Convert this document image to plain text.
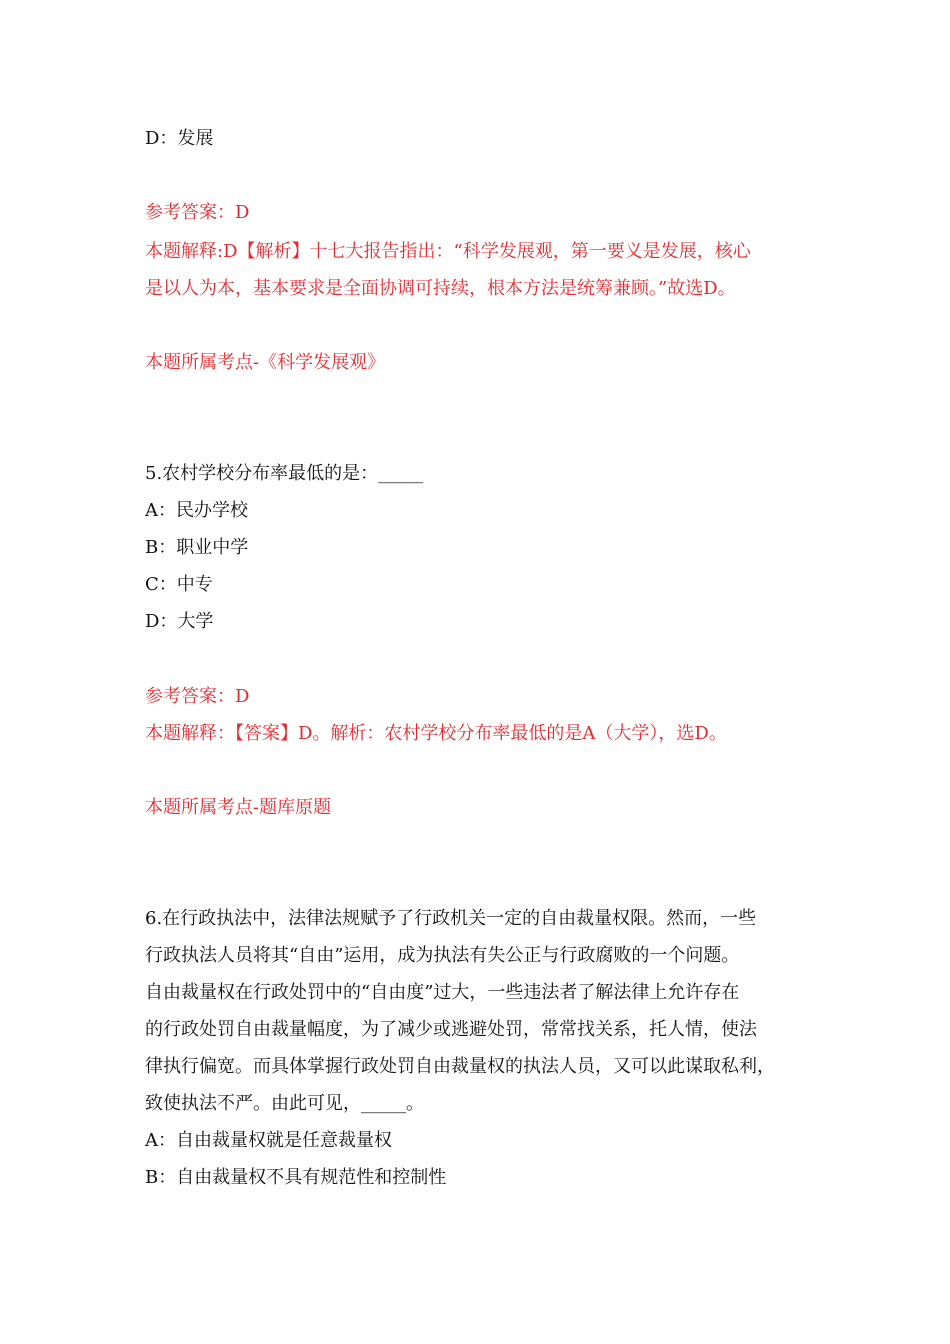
D：发展
参考答案：D
本题解释:D【解析】十七大报告指出：“科学发展观，第一要义是发展，核心
是以人为本，基本要求是全面协调可持续，根本方法是统筹兼顾。”故选D。
本题所属考点-《科学发展观》
5.农村学校分布率最低的是：_____
A：民办学校
B：职业中学
C：中专
D：大学
参考答案：D
本题解释：【答案】D。解析：农村学校分布率最低的是A（大学），选D。
本题所属考点-题库原题
6.在行政执法中，法律法规赋予了行政机关一定的自由裁量权限。然而，一些
行政执法人员将其“自由”运用，成为执法有失公正与行政腐败的一个问题。
自由裁量权在行政处罚中的“自由度”过大，一些违法者了解法律上允许存在
的行政处罚自由裁量幅度，为了减少或逃避处罚，常常找关系，托人情，使法
律执行偏宽。而具体掌握行政处罚自由裁量权的执法人员，又可以此谋取私利，
致使执法不严。由此可见，_____。
A：自由裁量权就是任意裁量权
B：自由裁量权不具有规范性和控制性
